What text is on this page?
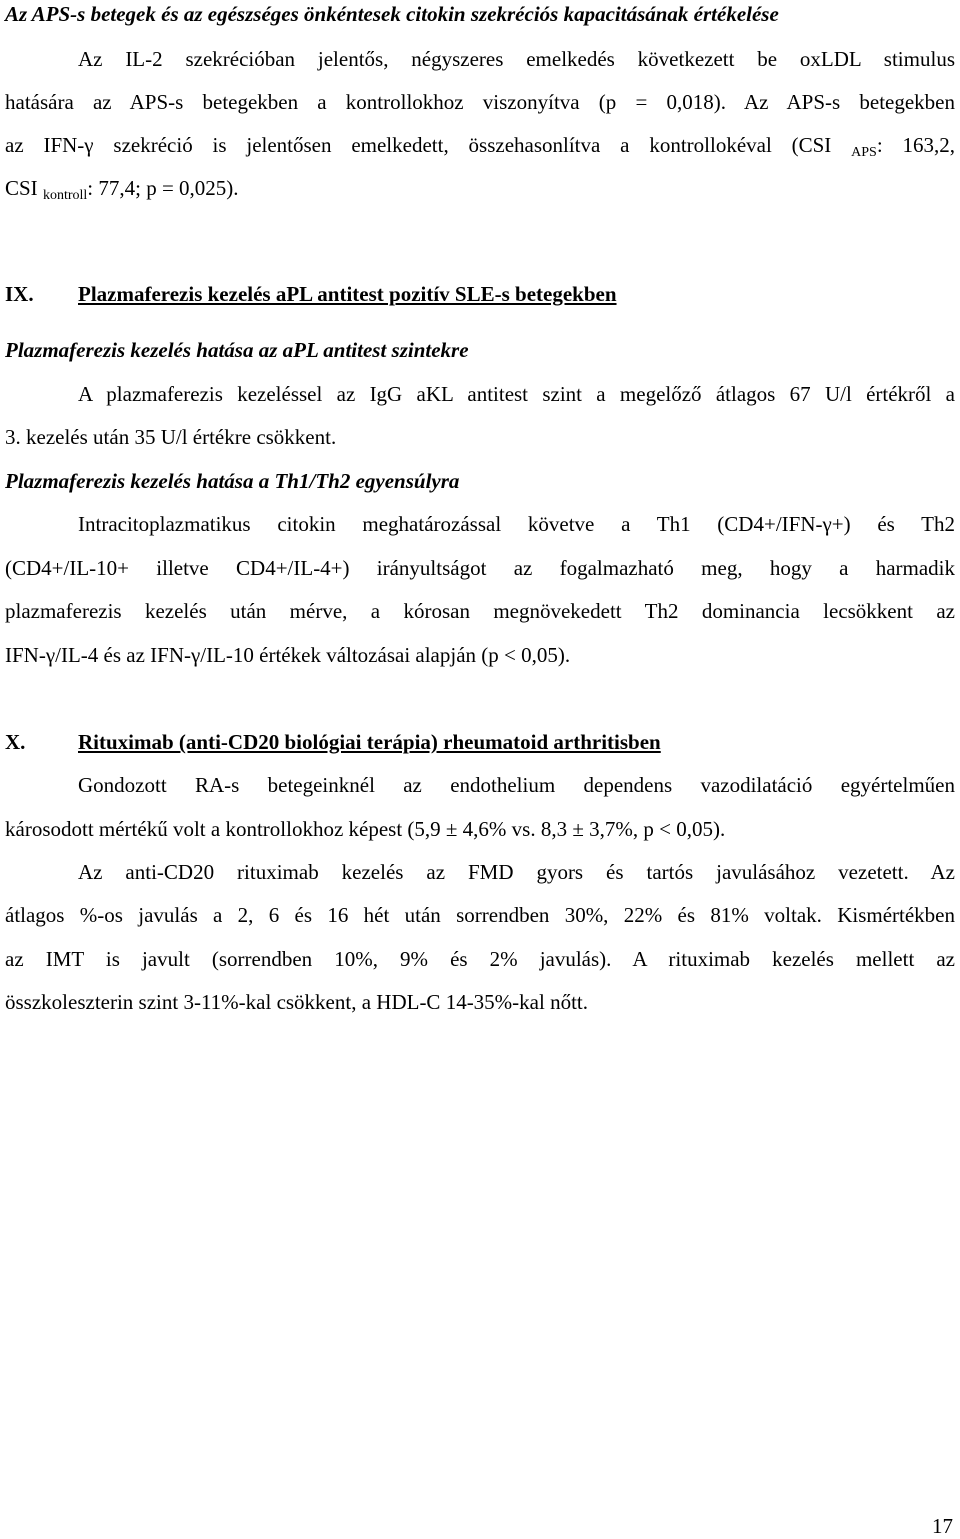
Az APS-s betegek és az egészséges önkéntesek citokin szekréciós kapacitásának értékelése
Az IL-2 szekrécióban jelentős, négyszeres emelkedés következett be oxLDL stimulus
hatására az APS-s betegekben a kontrollokhoz viszonyítva (p = 0,018). Az APS-s betegekben
az IFN-γ szekréció is jelentősen emelkedett, összehasonlítva a kontrollokéval (CSI $_{APS}$: 163,2,
CSI $_{kontroll}$: 77,4; p = 0,025).
IX. Plazmaferezis kezelés aPL antitest pozitív SLE-s betegekben
Plazmaferezis kezelés hatása az aPL antitest szintekre
A plazmaferezis kezeléssel az IgG aKL antitest szint a megelőző átlagos 67 U/l értékről a
3. kezelés után 35 U/l értékre csökkent.
Plazmaferezis kezelés hatása a Th1/Th2 egyensúlyra
Intracitoplazmatikus citokin meghatározással követve a Th1 (CD4+/IFN-γ+) és Th2
(CD4+/IL-10+ illetve CD4+/IL-4+) irányultságot az fogalmazható meg, hogy a harmadik
plazmaferezis kezelés után mérve, a kórosan megnövekedett Th2 dominancia lecsökkent az
IFN-γ/IL-4 és az IFN-γ/IL-10 értékek változásai alapján (p < 0,05).
X.	Rituximab (anti-CD20 biológiai terápia) rheumatoid arthritisben
Gondozott RA-s betegeinknél az endothelium dependens vazodilatáció egyértelműen
károsodott mértékű volt a kontrollokhoz képest (5,9 ± 4,6% vs. 8,3 ± 3,7%, p < 0,05).
Az anti-CD20 rituximab kezelés az FMD gyors és tartós javulásához vezetett. Az
átlagos %-os javulás a 2, 6 és 16 hét után sorrendben 30%, 22% és 81% voltak. Kismértékben
az IMT is javult (sorrendben 10%, 9% és 2% javulás). A rituximab kezelés mellett az
összkoleszterin szint 3-11%-kal csökkent, a HDL-C 14-35%-kal nőtt.
17
